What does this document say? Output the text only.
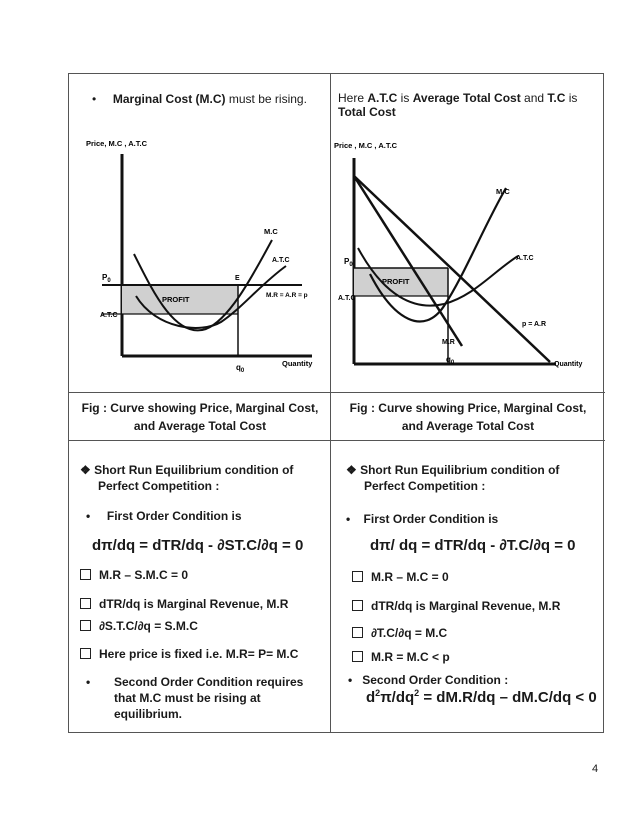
• Marginal Cost (M.C) must be rising.	Here A.T.C is Average Total Cost and T.C is Total Cost
Price, M.C , A.T.C
Quantity
PROFIT
$P_0$
A.T.C
$q_0$
E
M.C
A.T.C
M.R = A.R = p
Price , M.C , A.T.C
Quantity
PROFIT
$P_0$
A.T.C
$q_0$
M.R
p = A.R
A.T.C
M.C
Fig : Curve showing Price, Marginal Cost,
and Average Total Cost
Fig : Curve showing Price, Marginal Cost,
and Average Total Cost
❖ Short Run Equilibrium condition of
Perfect Competition :
•     First Order Condition is
dπ/dq = dTR/dq - ∂ST.C/∂q = 0
M.R – S.M.C = 0
dTR/dq is Marginal Revenue, M.R
∂S.T.C/∂q = S.M.C
Here price is fixed i.e. M.R= P= M.C
•	Second Order Condition requires
that M.C must be rising at
equilibrium.
❖ Short Run Equilibrium condition of
Perfect Competition :
•    First Order Condition is
dπ/ dq = dTR/dq - ∂T.C/∂q = 0
M.R – M.C = 0
dTR/dq is Marginal Revenue, M.R
∂T.C/∂q = M.C
M.R = M.C < p
•   Second Order Condition :
$d^2\pi/dq^2 = dM.R/dq - dM.C/dq < 0$
4
